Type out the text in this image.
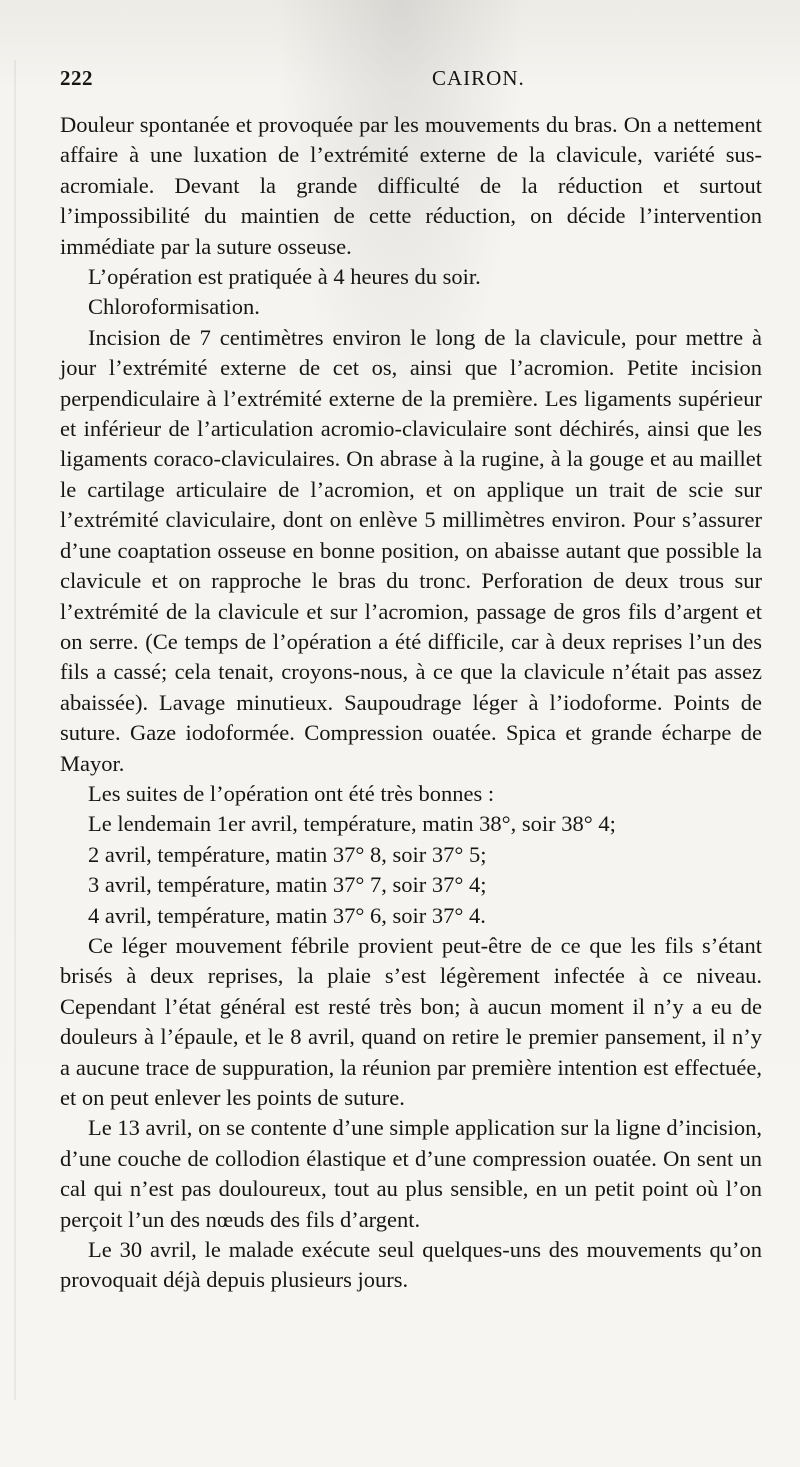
222	CAIRON.

Douleur spontanée et provoquée par les mouvements du bras. On a nettement affaire à une luxation de l’extrémité externe de la clavicule, variété sus-acromiale. Devant la grande difficulté de la réduction et surtout l’impossibilité du maintien de cette réduction, on décide l’intervention immédiate par la suture osseuse.

L’opération est pratiquée à 4 heures du soir.

Chloroformisation.

Incision de 7 centimètres environ le long de la clavicule, pour mettre à jour l’extrémité externe de cet os, ainsi que l’acromion. Petite incision perpendiculaire à l’extrémité externe de la première. Les ligaments supérieur et inférieur de l’articulation acromio-claviculaire sont déchirés, ainsi que les ligaments coraco-claviculaires. On abrase à la rugine, à la gouge et au maillet le cartilage articulaire de l’acromion, et on applique un trait de scie sur l’extrémité claviculaire, dont on enlève 5 millimètres environ. Pour s’assurer d’une coaptation osseuse en bonne position, on abaisse autant que possible la clavicule et on rapproche le bras du tronc. Perforation de deux trous sur l’extrémité de la clavicule et sur l’acromion, passage de gros fils d’argent et on serre. (Ce temps de l’opération a été difficile, car à deux reprises l’un des fils a cassé; cela tenait, croyons-nous, à ce que la clavicule n’était pas assez abaissée). Lavage minutieux. Saupoudrage léger à l’iodoforme. Points de suture. Gaze iodoformée. Compression ouatée. Spica et grande écharpe de Mayor.

Les suites de l’opération ont été très bonnes :

Le lendemain 1er avril, température, matin 38°, soir 38° 4;

2 avril, température, matin 37° 8, soir 37° 5;

3 avril, température, matin 37° 7, soir 37° 4;

4 avril, température, matin 37° 6, soir 37° 4.

Ce léger mouvement fébrile provient peut-être de ce que les fils s’étant brisés à deux reprises, la plaie s’est légèrement infectée à ce niveau. Cependant l’état général est resté très bon; à aucun moment il n’y a eu de douleurs à l’épaule, et le 8 avril, quand on retire le premier pansement, il n’y a aucune trace de suppuration, la réunion par première intention est effectuée, et on peut enlever les points de suture.

Le 13 avril, on se contente d’une simple application sur la ligne d’incision, d’une couche de collodion élastique et d’une compression ouatée. On sent un cal qui n’est pas douloureux, tout au plus sensible, en un petit point où l’on perçoit l’un des nœuds des fils d’argent.

Le 30 avril, le malade exécute seul quelques-uns des mouvements qu’on provoquait déjà depuis plusieurs jours.
